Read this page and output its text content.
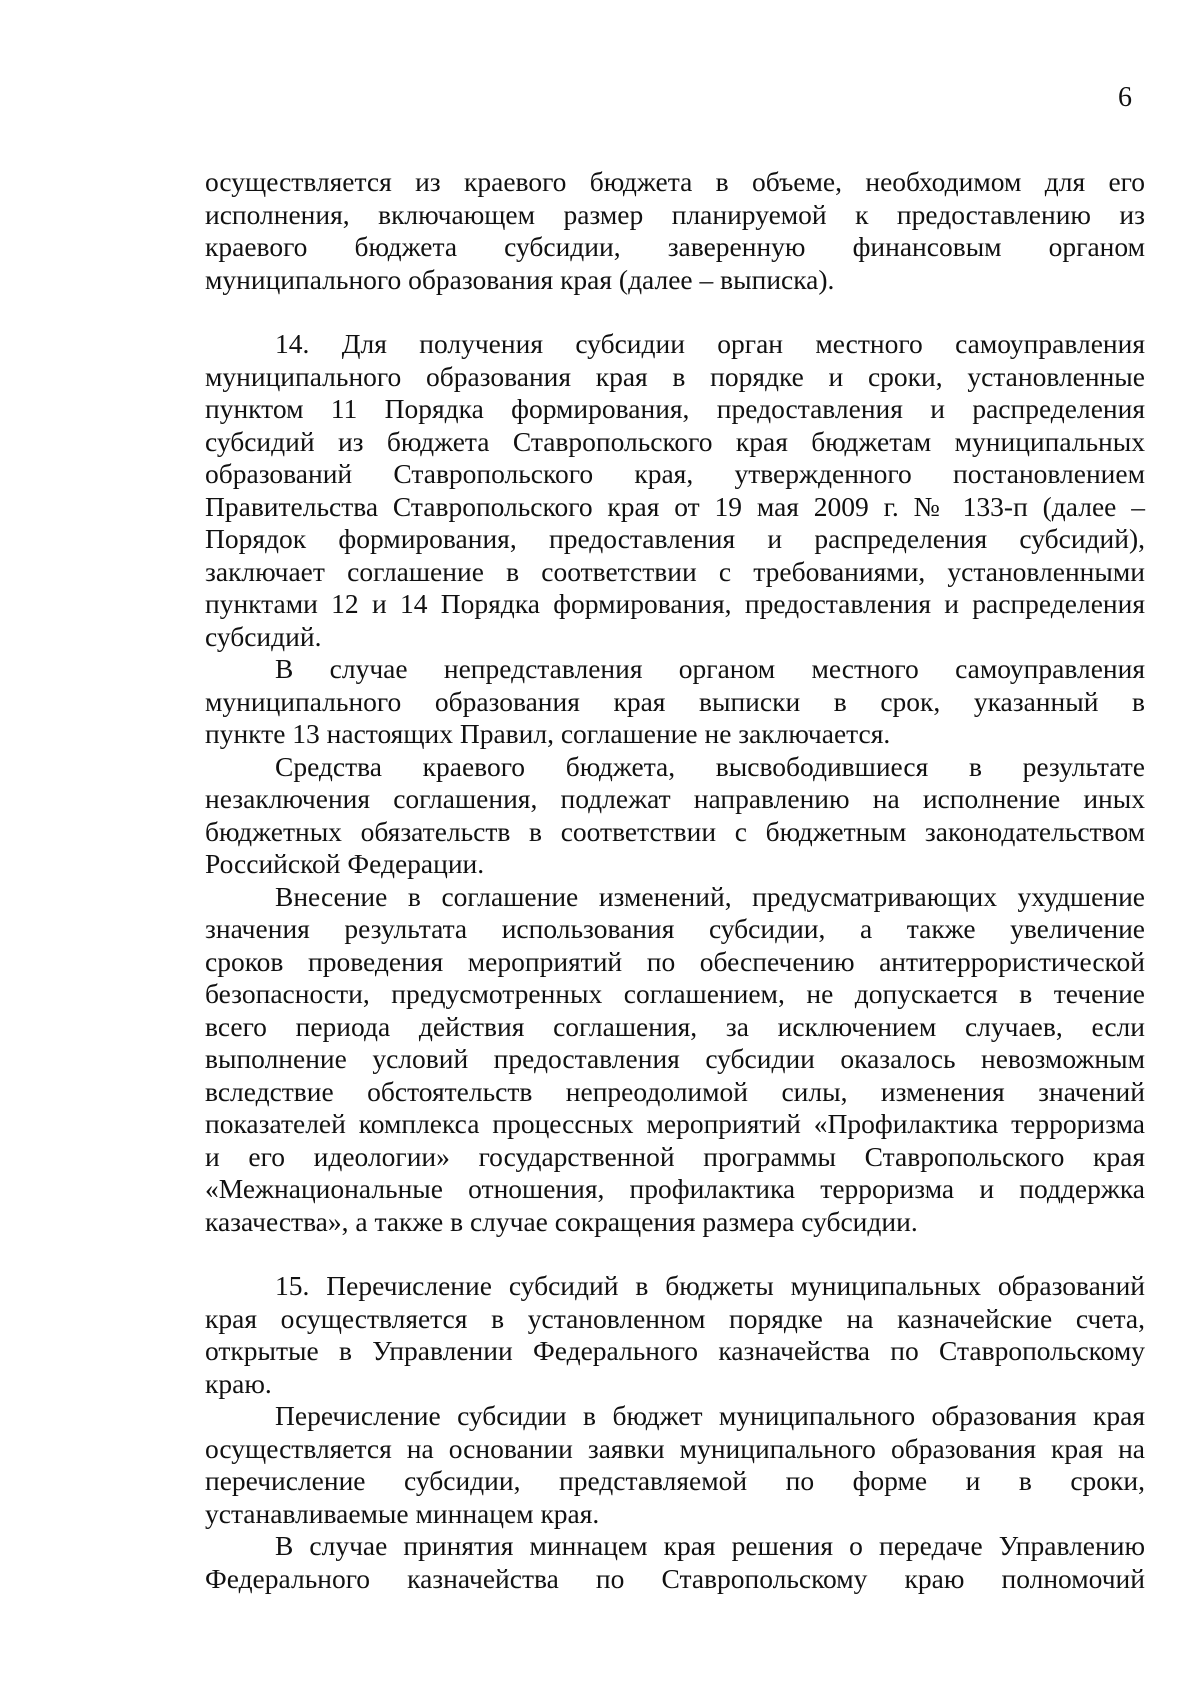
6

осуществляется из краевого бюджета в объеме, необходимом для его
исполнения, включающем размер планируемой к предоставлению из
краевого бюджета субсидии, заверенную финансовым органом
муниципального образования края (далее – выписка).

14. Для получения субсидии орган местного самоуправления
муниципального образования края в порядке и сроки, установленные
пунктом 11 Порядка формирования, предоставления и распределения
субсидий из бюджета Ставропольского края бюджетам муниципальных
образований Ставропольского края, утвержденного постановлением
Правительства Ставропольского края от 19 мая 2009 г. № 133-п (далее –
Порядок формирования, предоставления и распределения субсидий),
заключает соглашение в соответствии с требованиями, установленными
пунктами 12 и 14 Порядка формирования, предоставления и распределения
субсидий.

В случае непредставления органом местного самоуправления
муниципального образования края выписки в срок, указанный в
пункте 13 настоящих Правил, соглашение не заключается.

Средства краевого бюджета, высвободившиеся в результате
незаключения соглашения, подлежат направлению на исполнение иных
бюджетных обязательств в соответствии с бюджетным законодательством
Российской Федерации.

Внесение в соглашение изменений, предусматривающих ухудшение
значения результата использования субсидии, а также увеличение
сроков проведения мероприятий по обеспечению антитеррористической
безопасности, предусмотренных соглашением, не допускается в течение
всего периода действия соглашения, за исключением случаев, если
выполнение условий предоставления субсидии оказалось невозможным
вследствие обстоятельств непреодолимой силы, изменения значений
показателей комплекса процессных мероприятий «Профилактика терроризма
и его идеологии» государственной программы Ставропольского края
«Межнациональные отношения, профилактика терроризма и поддержка
казачества», а также в случае сокращения размера субсидии.

15. Перечисление субсидий в бюджеты муниципальных образований
края осуществляется в установленном порядке на казначейские счета,
открытые в Управлении Федерального казначейства по Ставропольскому
краю.

Перечисление субсидии в бюджет муниципального образования края
осуществляется на основании заявки муниципального образования края на
перечисление субсидии, представляемой по форме и в сроки,
устанавливаемые миннацем края.

В случае принятия миннацем края решения о передаче Управлению
Федерального казначейства по Ставропольскому краю полномочий
